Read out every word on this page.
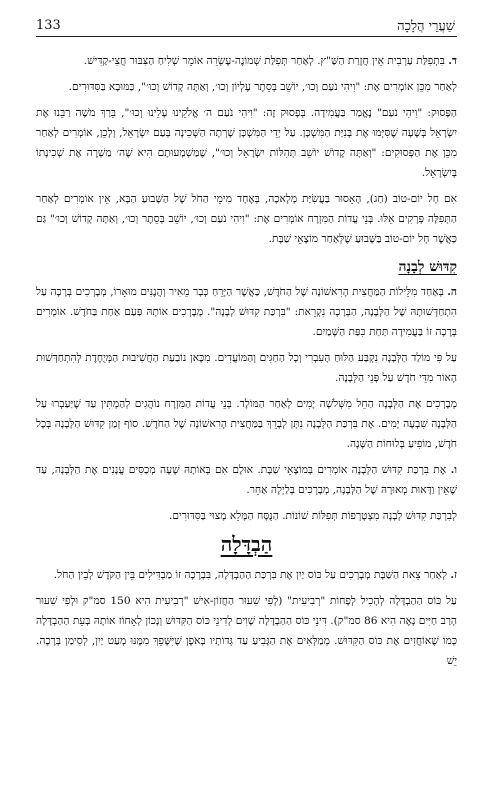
שַׁעֲרֵי הֲלָכָה
133

ד. בִּתְפִלַּת עַרְבִית אֵין חֲזָרַת הַשַּׁ"ץ. לְאַחַר תְּפִלַּת שְׁמוֹנֶה-עֶשְׂרֵה אוֹמֵר שְׁלִיחַ הַצִּבּוּר חֲצִי-קַדִּישׁ.

לְאַחַר מִכֵּן אוֹמְרִים אֶת: "וִיהִי נֹעַם וְכוּ׳, יוֹשֵׁב בְּסֵתֶר עֶלְיוֹן וְכוּ׳, וְאַתָּה קָדוֹשׁ וְכוּ׳", כַּמּוּבָא בַּסִּדּוּרִים.

הַפָּסוּק: "וִיהִי נֹעַם" נֶאֱמַר בַּעֲמִידָה. בְּפָסוּק זֶה: "וִיהִי נֹעַם ה׳ אֱלֹקֵינוּ עָלֵינוּ וְכוּ׳", בֵּרַךְ מֹשֶׁה רַבֵּנוּ אֶת יִשְׂרָאֵל בְּשָׁעָה שֶׁסִּיְּמוּ אֶת בְּנִיַּת הַמִּשְׁכָּן. עַל יְדֵי הַמִּשְׁכָּן שָׁרְתָה הַשְּׁכִינָה בְּעַם יִשְׂרָאֵל, וְלָכֵן, אוֹמְרִים לְאַחַר מִכֵּן אֶת הַפְּסוּקִים: "וְאַתָּה קָדוֹשׁ יוֹשֵׁב תְּהִלּוֹת יִשְׂרָאֵל וְכוּ׳", שֶׁמַּשְׁמָעוּתָם הִיא שֶׁה׳ מַשְׁרֶה אֶת שְׁכִינָתוֹ בְּיִשְׂרָאֵל.

אִם חָל יוֹם-טוֹב (חַג), הָאָסוּר בַּעֲשִׂיַּת מְלָאכָה, בְּאֶחָד מִימֵי הַחֹל שֶׁל הַשָּׁבוּעַ הַבָּא, אֵין אוֹמְרִים לְאַחַר הַתְּפִלָּה פְּרָקִים אֵלּוּ. בְּנֵי עֲדוֹת הַמִּזְרָח אוֹמְרִים אֶת: "וִיהִי נֹעַם וְכוּ׳, יוֹשֵׁב בְּסֵתֶר וְכוּ׳, וְאַתָּה קָדוֹשׁ וְכוּ׳" גַּם כַּאֲשֶׁר חָל יוֹם-טוֹב בַּשָּׁבוּעַ שֶׁלְּאַחַר מוֹצָאֵי שַׁבָּת.

קִדּוּשׁ לְבָנָה

ה. בְּאַחַד מִלֵּילוֹת הַמַּחֲצִית הָרִאשׁוֹנָה שֶׁל הַחֹדֶשׁ, כַּאֲשֶׁר הַיָּרֵחַ כְּבָר מֵאִיר וְהֲנֶנִּים מוּאָרוֹ, מְבָרְכִים בְּרָכָה עַל הִתְחַדְּשׁוּתָהּ שֶׁל הַלְּבָנָה, הַבְּרָכָה נִקְרֵאת: "בִּרְכַּת קִדּוּשׁ לְבָנָה". מְבָרְכִים אוֹתָהּ פַּעַם אַחַת בַּחֹדֶשׁ. אוֹמְרִים בְּרָכָה זוֹ בַּעֲמִידָה תַּחַת כִּפַּת הַשָּׁמַיִם.

עַל פִּי מוֹלַד הַלְּבָנָה נִקְבַּע הַלּוּחַ הָעִבְרִי וְכָל הַחַגִּים וְהַמּוֹעֲדִים. מִכָּאן נוֹבַעַת הַחֲשִׁיבוּת הַמְּיֻחֶדֶת לְהִתְחַדְּשׁוּת הָאוֹר מִדֵּי חֹדֶשׁ עַל פְּנֵי הַלְּבָנָה.

מְבָרְכִים אֶת הַלְּבָנָה הַחֵל מִשְּׁלֹשָׁה יָמִים לְאַחַר הַמּוֹלָד. בְּנֵי עֲדוֹת הַמִּזְרָח נוֹהֲגִים לְהַמְתִּין עַד שֶׁיַּעַבְרוּ עַל הַלְּבָנָה שִׁבְעָה יָמִים. אֶת בִּרְכַּת הַלְּבָנָה נִתָּן לְבָרֵךְ בַּמַּחֲצִית הָרִאשׁוֹנָה שֶׁל הַחֹדֶשׁ. סוֹף זְמַן קִדּוּשׁ הַלְּבָנָה בְּכָל חֹדֶשׁ, מוֹפִיעַ בְּלוּחוֹת הַשָּׁנָה.

ו. אֶת בִּרְכַּת קִדּוּשׁ הַלְּבָנָה אוֹמְרִים בְּמוֹצָאֵי שַׁבָּת. אוּלָם אִם בְּאוֹתָהּ שָׁעָה מְכַסִּים עֲנָנִים אֶת הַלְּבָנָה, עַד שֶׁאֵין וַדָּאוּת מְאוּרָהּ שֶׁל הַלְּבָנָה, מְבָרְכִים בְּלַיְלָה אַחֵר.

לְבִרְכַּת קִדּוּשׁ לְבָנָה מִצְטָרְפוֹת תְּפִלּוֹת שׁוֹנוֹת. הַנֻּסָּח הַמָּלֵא מָצוּי בַּסִּדּוּרִים.

הַבְדָּלָה

ז. לְאַחַר צֵאת הַשַּׁבָּת מְבָרְכִים עַל כּוֹס יַיִן אֶת בִּרְכַּת הַהַבְדָּלָה, בִּבְרָכָה זוֹ מַבְדִּילִים בֵּין הַקֹּדֶשׁ לְבֵין הַחֹל.

עַל כּוֹס הַהַבְדָּלָה לְהָכִיל לְפָחוֹת "רְבִיעִית" (לְפִי שִׁעוּר הַחֲזוֹן-אִישׁ "רְבִיעִית הִיא 150 סמ"ק וּלְפִי שִׁעוּר הָרַב חַיִּים נָאֶה הִיא 86 סמ"ק). דִּינֵי כּוֹס הַהַבְדָּלָה שָׁוִים לְדִינֵי כּוֹס הַקִּדּוּשׁ וְנָכוֹן לְאָחוֹז אוֹתָהּ בְּעֵת הַהַבְדָּלָה כְּמוֹ שֶׁאוֹחֲזִים אֶת כּוֹס הַקִּדּוּשׁ. מְמַלְּאִים אֶת הַגָּבִיעַ עַד גְּדוֹתָיו בְּאֹפֶן שֶׁיִּשָּׁפֵךְ מִמֶּנּוּ מְעַט יַיִן, לְסִימַן בְּרָכָה. יֵשׁ
